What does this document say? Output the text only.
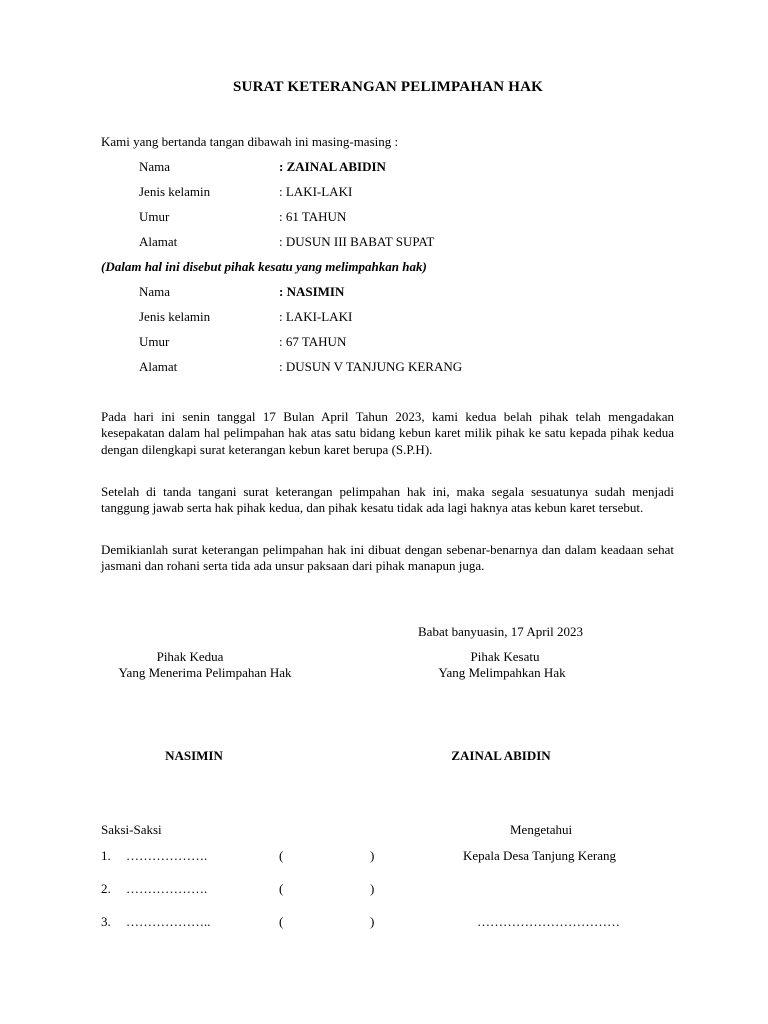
SURAT KETERANGAN PELIMPAHAN HAK
Kami yang bertanda tangan dibawah ini masing-masing :
Nama	: ZAINAL ABIDIN
Jenis kelamin	: LAKI-LAKI
Umur	: 61 TAHUN
Alamat	: DUSUN III BABAT SUPAT
(Dalam hal ini disebut pihak kesatu yang melimpahkan hak)
Nama	: NASIMIN
Jenis kelamin	: LAKI-LAKI
Umur	: 67 TAHUN
Alamat	: DUSUN V TANJUNG KERANG
Pada hari ini senin tanggal 17 Bulan April Tahun 2023, kami kedua belah pihak telah mengadakan kesepakatan dalam hal pelimpahan hak atas satu bidang kebun karet milik pihak ke satu kepada pihak kedua dengan dilengkapi surat keterangan kebun karet berupa (S.P.H).
Setelah di tanda tangani surat keterangan pelimpahan hak ini, maka segala sesuatunya sudah menjadi tanggung jawab serta hak pihak kedua, dan pihak kesatu tidak ada lagi haknya atas kebun karet tersebut.
Demikianlah surat keterangan pelimpahan hak ini dibuat dengan sebenar-benarnya dan dalam keadaan sehat jasmani dan rohani serta tida ada unsur paksaan dari pihak manapun juga.
Babat banyuasin, 17 April 2023
Pihak Kedua
Yang Menerima Pelimpahan Hak
Pihak Kesatu
Yang Melimpahkan Hak
NASIMIN	ZAINAL ABIDIN
Saksi-Saksi	Mengetahui
1. ……………….	(	)	Kepala Desa Tanjung Kerang
2. ……………….	(	)
3. ………………..	(	)	……………………………
